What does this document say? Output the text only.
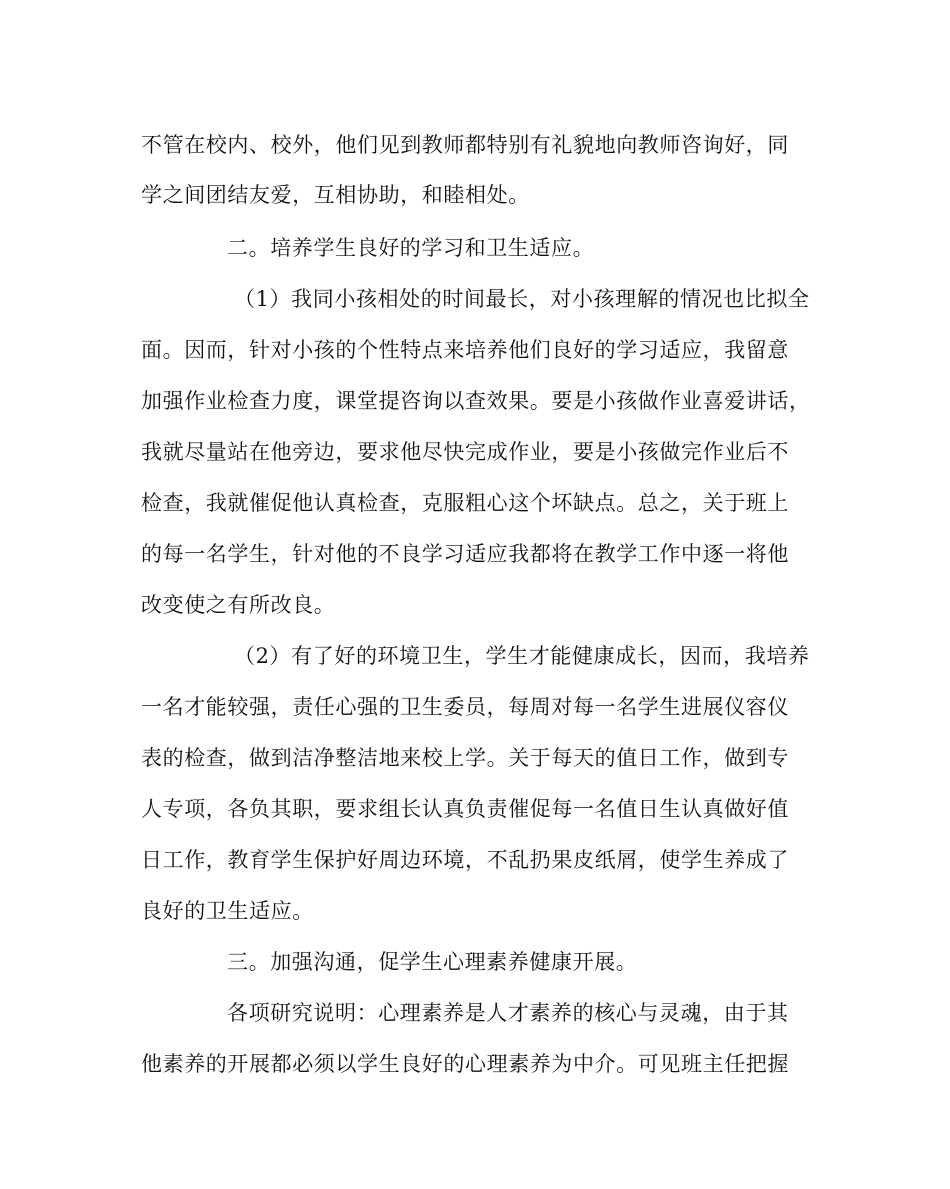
不管在校内、校外，他们见到教师都特别有礼貌地向教师咨询好，同

学之间团结友爱，互相协助，和睦相处。

二。培养学生良好的学习和卫生适应。

（1）我同小孩相处的时间最长，对小孩理解的情况也比拟全

面。因而，针对小孩的个性特点来培养他们良好的学习适应，我留意

加强作业检查力度，课堂提咨询以查效果。要是小孩做作业喜爱讲话，

我就尽量站在他旁边，要求他尽快完成作业，要是小孩做完作业后不

检查，我就催促他认真检查，克服粗心这个坏缺点。总之，关于班上

的每一名学生，针对他的不良学习适应我都将在教学工作中逐一将他

改变使之有所改良。

（2）有了好的环境卫生，学生才能健康成长，因而，我培养

一名才能较强，责任心强的卫生委员，每周对每一名学生进展仪容仪

表的检查，做到洁净整洁地来校上学。关于每天的值日工作，做到专

人专项，各负其职，要求组长认真负责催促每一名值日生认真做好值

日工作，教育学生保护好周边环境，不乱扔果皮纸屑，使学生养成了

良好的卫生适应。

三。加强沟通，促学生心理素养健康开展。

各项研究说明：心理素养是人才素养的核心与灵魂，由于其

他素养的开展都必须以学生良好的心理素养为中介。可见班主任把握
